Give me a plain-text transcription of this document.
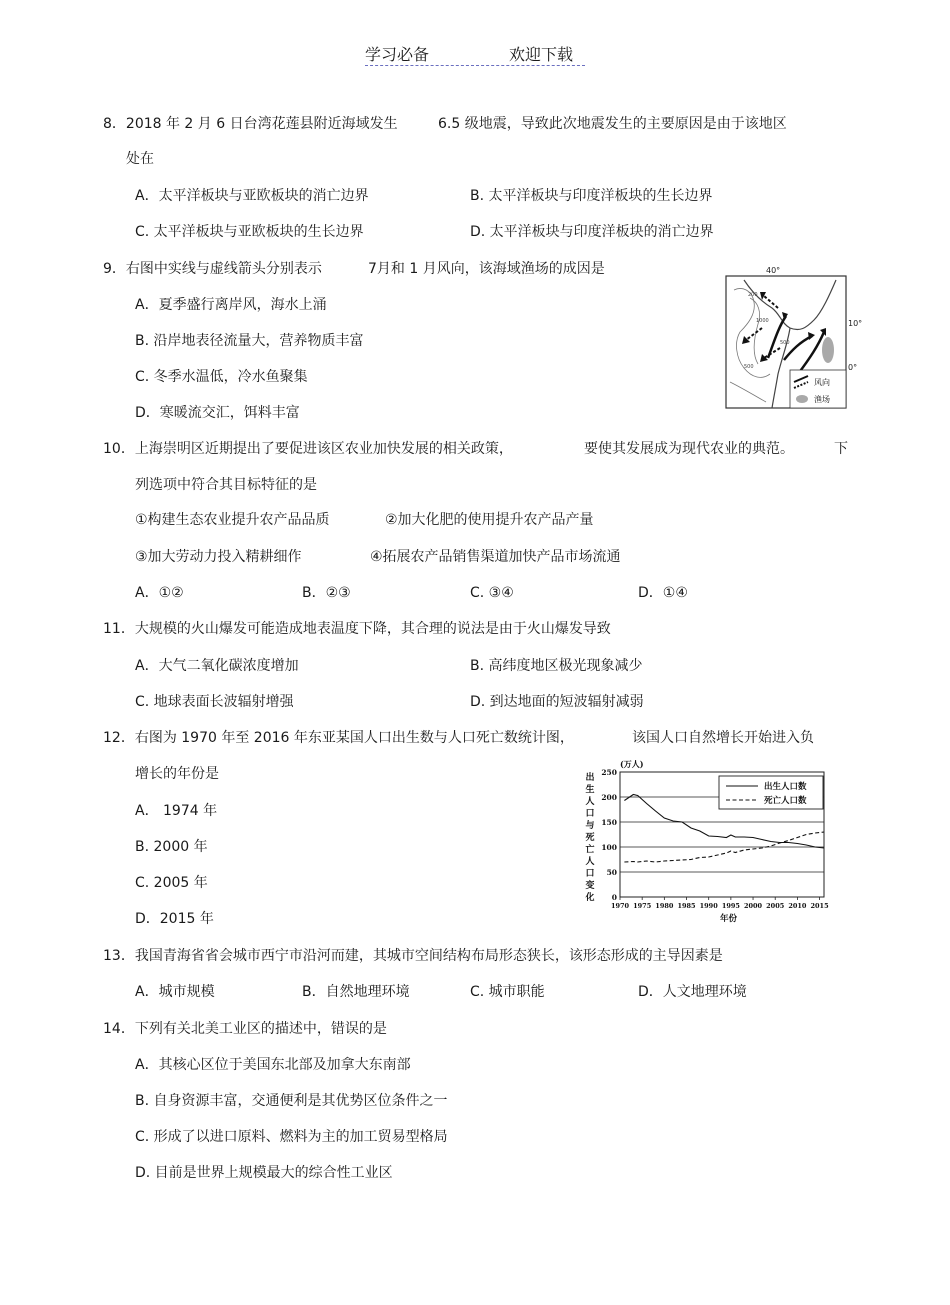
学习必备	欢迎下载
8．2018 年 2 月 6 日台湾花莲县附近海域发生	6.5 级地震，导致此次地震发生的主要原因是由于该地区
处在
A．太平洋板块与亚欧板块的消亡边界	B. 太平洋板块与印度洋板块的生长边界
C. 太平洋板块与亚欧板块的生长边界	D. 太平洋板块与印度洋板块的消亡边界
9．右图中实线与虚线箭头分别表示	7月和 1 月风向，该海域渔场的成因是
A．夏季盛行离岸风，海水上涌
B. 沿岸地表径流量大，营养物质丰富
C. 冬季水温低，冷水鱼聚集
D．寒暖流交汇，饵料丰富
40°
10°
0°
200
1000
500
500
风向
渔场
10．上海崇明区近期提出了要促进该区农业加快发展的相关政策，	要使其发展成为现代农业的典范。	下
列选项中符合其目标特征的是
①构建生态农业提升农产品品质	②加大化肥的使用提升农产品产量
③加大劳动力投入精耕细作	④拓展农产品销售渠道加快产品市场流通
A．①②	B．②③	C. ③④	D．①④
11．大规模的火山爆发可能造成地表温度下降，其合理的说法是由于火山爆发导致
A．大气二氧化碳浓度增加	B. 高纬度地区极光现象减少
C. 地球表面长波辐射增强	D. 到达地面的短波辐射减弱
12．右图为 1970 年至 2016 年东亚某国人口出生数与人口死亡数统计图，	该国人口自然增长开始进入负
增长的年份是
A． 1974 年
B. 2000 年
C. 2005 年
D．2015 年
出
生
人
口
与
死
亡
人
口
变
化
(万人)
0
50
100
150
200
250
1970 1975 1980 1985 1990 1995 2000 2005 2010 2015
出生人口数
死亡人口数
年份
13．我国青海省省会城市西宁市沿河而建，其城市空间结构布局形态狭长，该形态形成的主导因素是
A．城市规模	B．自然地理环境	C. 城市职能	D．人文地理环境
14．下列有关北美工业区的描述中，错误的是
A．其核心区位于美国东北部及加拿大东南部
B. 自身资源丰富，交通便利是其优势区位条件之一
C. 形成了以进口原料、燃料为主的加工贸易型格局
D. 目前是世界上规模最大的综合性工业区
